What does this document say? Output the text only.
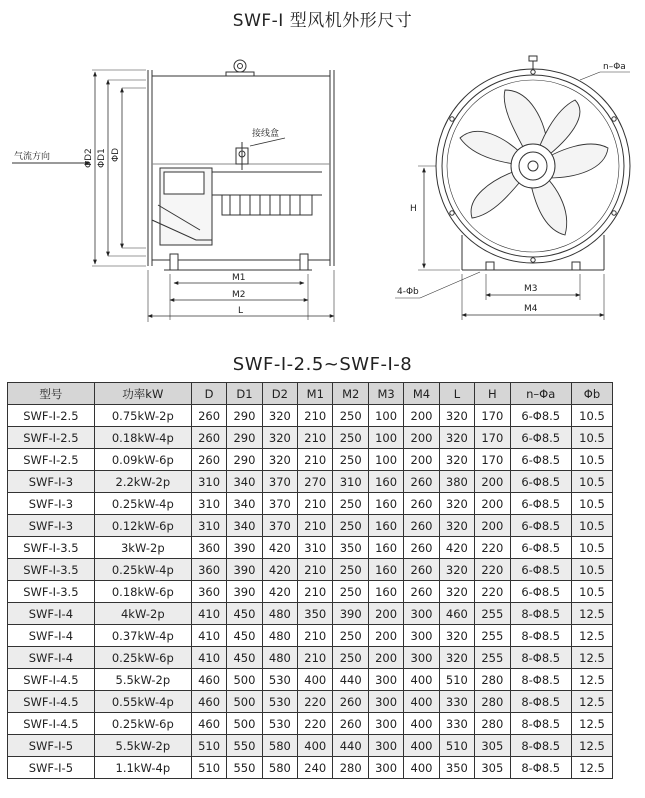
SWF-I 型风机外形尺寸
气流方向
接线盒
ΦD2 ΦD1 ΦD
M1
M2
L
n–Φa
H
M3
M4
4-Φb
SWF-I-2.5~SWF-I-8
型号	功率kW	D	D1	D2	M1	M2	M3	M4	L	H	n–Φa	Φb
SWF-I-2.5	0.75kW-2p	260	290	320	210	250	100	200	320	170	6-Φ8.5	10.5
SWF-I-2.5	0.18kW-4p	260	290	320	210	250	100	200	320	170	6-Φ8.5	10.5
SWF-I-2.5	0.09kW-6p	260	290	320	210	250	100	200	320	170	6-Φ8.5	10.5
SWF-I-3	2.2kW-2p	310	340	370	270	310	160	260	380	200	6-Φ8.5	10.5
SWF-I-3	0.25kW-4p	310	340	370	210	250	160	260	320	200	6-Φ8.5	10.5
SWF-I-3	0.12kW-6p	310	340	370	210	250	160	260	320	200	6-Φ8.5	10.5
SWF-I-3.5	3kW-2p	360	390	420	310	350	160	260	420	220	6-Φ8.5	10.5
SWF-I-3.5	0.25kW-4p	360	390	420	210	250	160	260	320	220	6-Φ8.5	10.5
SWF-I-3.5	0.18kW-6p	360	390	420	210	250	160	260	320	220	6-Φ8.5	10.5
SWF-I-4	4kW-2p	410	450	480	350	390	200	300	460	255	8-Φ8.5	12.5
SWF-I-4	0.37kW-4p	410	450	480	210	250	200	300	320	255	8-Φ8.5	12.5
SWF-I-4	0.25kW-6p	410	450	480	210	250	200	300	320	255	8-Φ8.5	12.5
SWF-I-4.5	5.5kW-2p	460	500	530	400	440	300	400	510	280	8-Φ8.5	12.5
SWF-I-4.5	0.55kW-4p	460	500	530	220	260	300	400	330	280	8-Φ8.5	12.5
SWF-I-4.5	0.25kW-6p	460	500	530	220	260	300	400	330	280	8-Φ8.5	12.5
SWF-I-5	5.5kW-2p	510	550	580	400	440	300	400	510	305	8-Φ8.5	12.5
SWF-I-5	1.1kW-4p	510	550	580	240	280	300	400	350	305	8-Φ8.5	12.5
